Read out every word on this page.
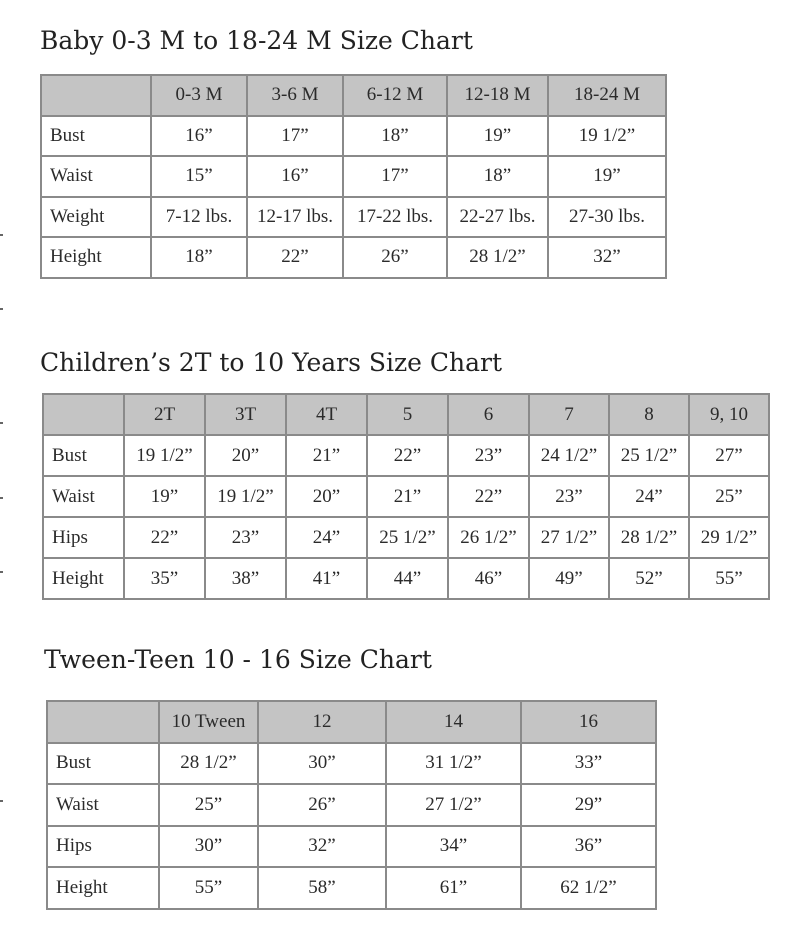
Baby 0-3 M to 18-24 M Size Chart
	0-3 M	3-6 M	6-12 M	12-18 M	18-24 M
Bust	16”	17”	18”	19”	19 1/2”
Waist	15”	16”	17”	18”	19”
Weight	7-12 lbs.	12-17 lbs.	17-22 lbs.	22-27 lbs.	27-30 lbs.
Height	18”	22”	26”	28 1/2”	32”
Children’s 2T to 10 Years Size Chart
	2T	3T	4T	5	6	7	8	9, 10
Bust	19 1/2”	20”	21”	22”	23”	24 1/2”	25 1/2”	27”
Waist	19”	19 1/2”	20”	21”	22”	23”	24”	25”
Hips	22”	23”	24”	25 1/2”	26 1/2”	27 1/2”	28 1/2”	29 1/2”
Height	35”	38”	41”	44”	46”	49”	52”	55”
Tween-Teen 10 - 16 Size Chart
	10 Tween	12	14	16
Bust	28 1/2”	30”	31 1/2”	33”
Waist	25”	26”	27 1/2”	29”
Hips	30”	32”	34”	36”
Height	55”	58”	61”	62 1/2”
